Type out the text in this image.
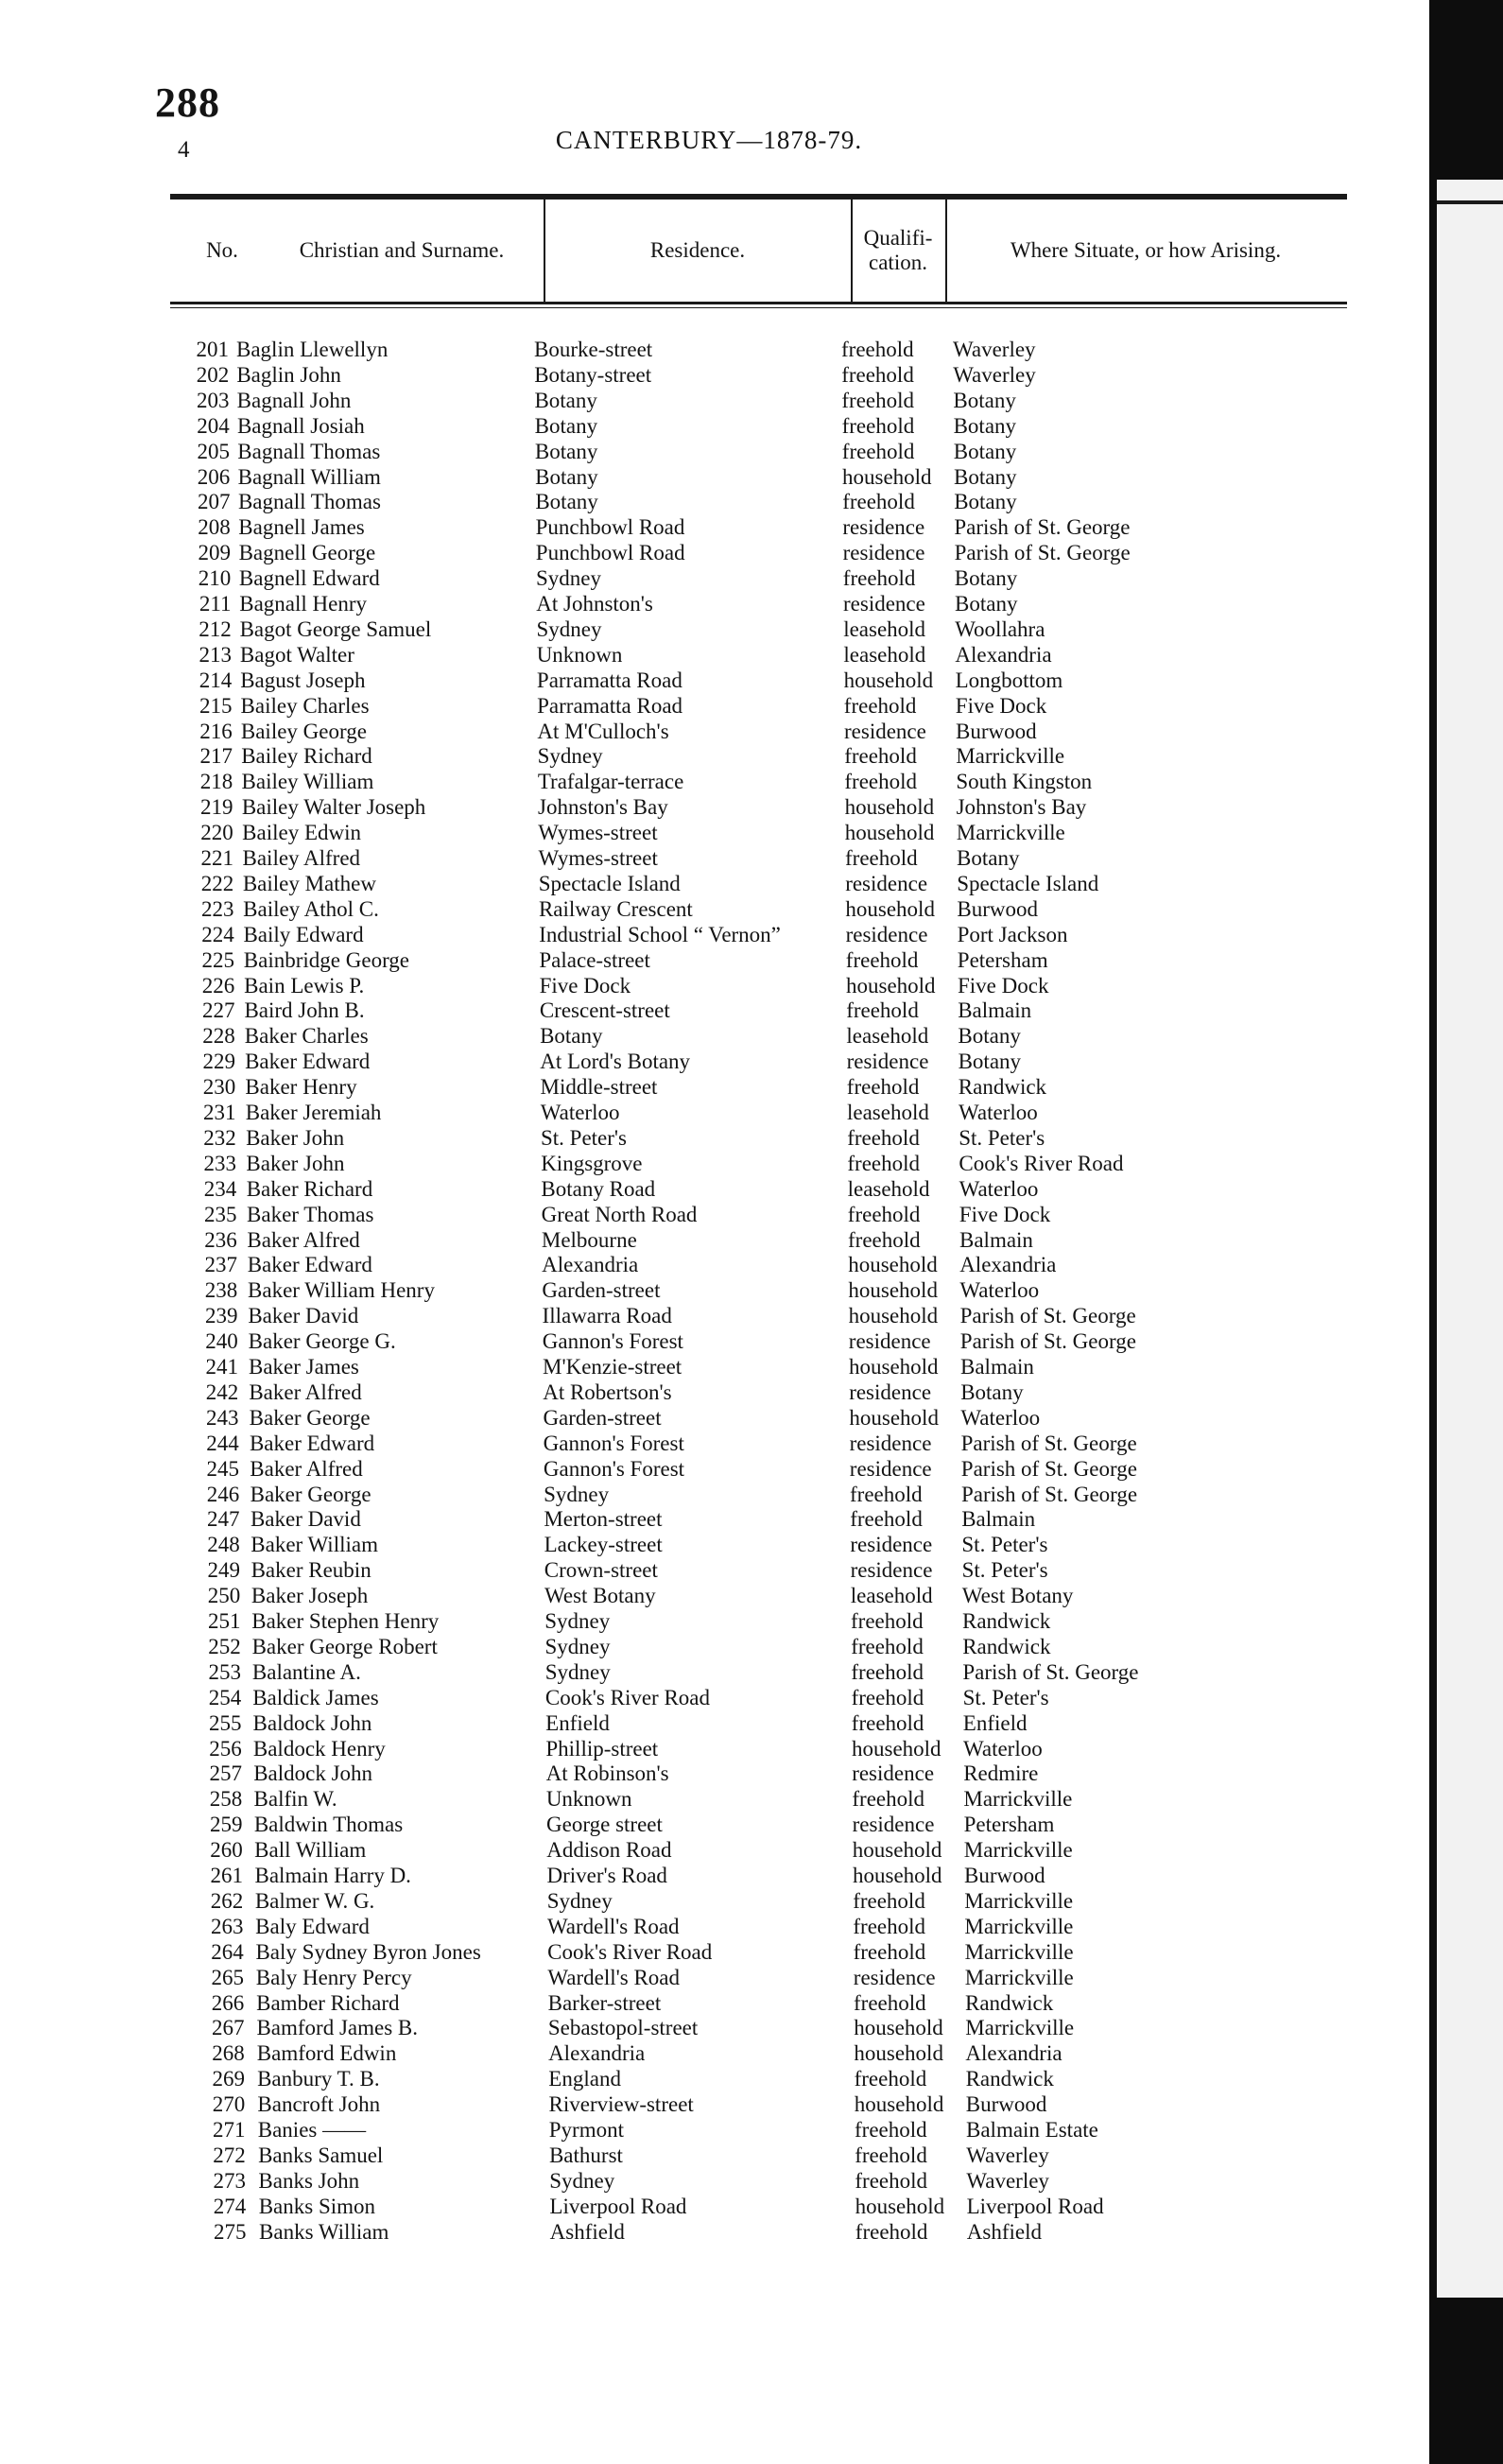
288
4	CANTERBURY—1878-79.
No.	Christian and Surname.	Residence.
Qualifi-
cation.
Where Situate, or how Arising.
201 Baglin Llewellyn	Bourke-street	freehold Waverley
202 Baglin John	Botany-street	freehold Waverley
203 Bagnall John	Botany	freehold Botany
204 Bagnall Josiah	Botany	freehold Botany
205 Bagnall Thomas	Botany	freehold Botany
206 Bagnall William	Botany	household Botany
207 Bagnall Thomas	Botany	freehold Botany
208 Bagnell James	Punchbowl Road	residence Parish of St. George
209 Bagnell George	Punchbowl Road	residence Parish of St. George
210 Bagnell Edward	Sydney	freehold Botany
211 Bagnall Henry	At Johnston's	residence Botany
212 Bagot George Samuel	Sydney	leasehold Woollahra
213 Bagot Walter	Unknown	leasehold Alexandria
214 Bagust Joseph	Parramatta Road	household Longbottom
215 Bailey Charles	Parramatta Road	freehold Five Dock
216 Bailey George	At M'Culloch's	residence Burwood
217 Bailey Richard	Sydney	freehold Marrickville
218 Bailey William	Trafalgar-terrace	freehold South Kingston
219 Bailey Walter Joseph	Johnston's Bay	household Johnston's Bay
220 Bailey Edwin	Wymes-street	household Marrickville
221 Bailey Alfred	Wymes-street	freehold Botany
222 Bailey Mathew	Spectacle Island	residence Spectacle Island
223 Bailey Athol C.	Railway Crescent	household Burwood
224 Baily Edward	Industrial School “ Vernon”	residence Port Jackson
225 Bainbridge George	Palace-street	freehold Petersham
226 Bain Lewis P.	Five Dock	household Five Dock
227 Baird John B.	Crescent-street	freehold Balmain
228 Baker Charles	Botany	leasehold Botany
229 Baker Edward	At Lord's Botany	residence Botany
230 Baker Henry	Middle-street	freehold Randwick
231 Baker Jeremiah	Waterloo	leasehold Waterloo
232 Baker John	St. Peter's	freehold St. Peter's
233 Baker John	Kingsgrove	freehold Cook's River Road
234 Baker Richard	Botany Road	leasehold Waterloo
235 Baker Thomas	Great North Road	freehold Five Dock
236 Baker Alfred	Melbourne	freehold Balmain
237 Baker Edward	Alexandria	household Alexandria
238 Baker William Henry	Garden-street	household Waterloo
239 Baker David	Illawarra Road	household Parish of St. George
240 Baker George G.	Gannon's Forest	residence Parish of St. George
241 Baker James	M'Kenzie-street	household Balmain
242 Baker Alfred	At Robertson's	residence Botany
243 Baker George	Garden-street	household Waterloo
244 Baker Edward	Gannon's Forest	residence Parish of St. George
245 Baker Alfred	Gannon's Forest	residence Parish of St. George
246 Baker George	Sydney	freehold Parish of St. George
247 Baker David	Merton-street	freehold Balmain
248 Baker William	Lackey-street	residence St. Peter's
249 Baker Reubin	Crown-street	residence St. Peter's
250 Baker Joseph	West Botany	leasehold West Botany
251 Baker Stephen Henry	Sydney	freehold Randwick
252 Baker George Robert	Sydney	freehold Randwick
253 Balantine A.	Sydney	freehold Parish of St. George
254 Baldick James	Cook's River Road	freehold St. Peter's
255 Baldock John	Enfield	freehold Enfield
256 Baldock Henry	Phillip-street	household Waterloo
257 Baldock John	At Robinson's	residence Redmire
258 Balfin W.	Unknown	freehold Marrickville
259 Baldwin Thomas	George street	residence Petersham
260 Ball William	Addison Road	household Marrickville
261 Balmain Harry D.	Driver's Road	household Burwood
262 Balmer W. G.	Sydney	freehold Marrickville
263 Baly Edward	Wardell's Road	freehold Marrickville
264 Baly Sydney Byron Jones	Cook's River Road	freehold Marrickville
265 Baly Henry Percy	Wardell's Road	residence Marrickville
266 Bamber Richard	Barker-street	freehold Randwick
267 Bamford James B.	Sebastopol-street	household Marrickville
268 Bamford Edwin	Alexandria	household Alexandria
269 Banbury T. B.	England	freehold Randwick
270 Bancroft John	Riverview-street	household Burwood
271 Banies ——	Pyrmont	freehold Balmain Estate
272 Banks Samuel	Bathurst	freehold Waverley
273 Banks John	Sydney	freehold Waverley
274 Banks Simon	Liverpool Road	household Liverpool Road
275 Banks William	Ashfield	freehold Ashfield
